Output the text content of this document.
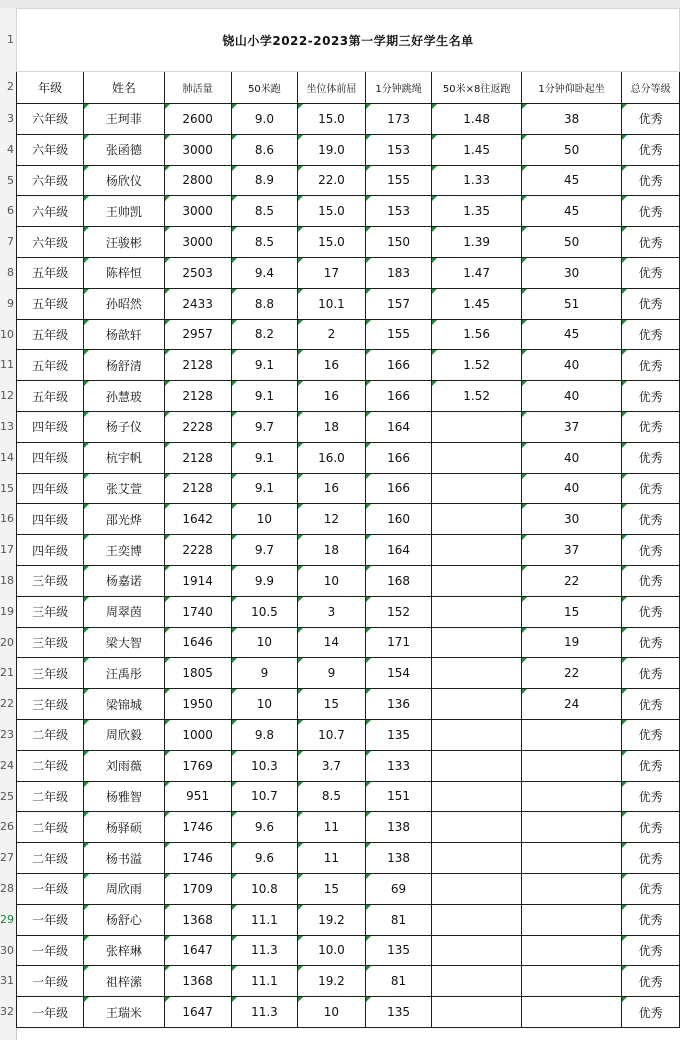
1
2
3
4
5
6
7
8
9
10
11
12
13
14
15
16
17
18
19
20
21
22
23
24
25
26
27
28
29
30
31
32
铙山小学2022-2023第一学期三好学生名单								
年级	姓名	肺活量	50米跑	坐位体前屈	1分钟跳绳	50米×8往返跑	1分钟仰卧起坐	总分等级
六年级	王珂菲	2600	9.0	15.0	173	1.48	38	优秀
六年级	张函德	3000	8.6	19.0	153	1.45	50	优秀
六年级	杨欣仪	2800	8.9	22.0	155	1.33	45	优秀
六年级	王帅凯	3000	8.5	15.0	153	1.35	45	优秀
六年级	汪骏彬	3000	8.5	15.0	150	1.39	50	优秀
五年级	陈梓恒	2503	9.4	17	183	1.47	30	优秀
五年级	孙昭然	2433	8.8	10.1	157	1.45	51	优秀
五年级	杨歆轩	2957	8.2	2	155	1.56	45	优秀
五年级	杨舒清	2128	9.1	16	166	1.52	40	优秀
五年级	孙慧玻	2128	9.1	16	166	1.52	40	优秀
四年级	杨子仪	2228	9.7	18	164		37	优秀
四年级	杭宇帆	2128	9.1	16.0	166		40	优秀
四年级	张艾萱	2128	9.1	16	166		40	优秀
四年级	邵光烨	1642	10	12	160		30	优秀
四年级	王奕博	2228	9.7	18	164		37	优秀
三年级	杨嘉诺	1914	9.9	10	168		22	优秀
三年级	周翠茵	1740	10.5	3	152		15	优秀
三年级	梁大智	1646	10	14	171		19	优秀
三年级	汪禹彤	1805	9	9	154		22	优秀
三年级	梁锦城	1950	10	15	136		24	优秀
二年级	周欣毅	1000	9.8	10.7	135			优秀
二年级	刘雨薇	1769	10.3	3.7	133			优秀
二年级	杨雅智	951	10.7	8.5	151			优秀
二年级	杨驿硕	1746	9.6	11	138			优秀
二年级	杨书溢	1746	9.6	11	138			优秀
一年级	周欣雨	1709	10.8	15	69			优秀
一年级	杨舒心	1368	11.1	19.2	81			优秀
一年级	张梓琳	1647	11.3	10.0	135			优秀
一年级	祖梓潆	1368	11.1	19.2	81			优秀
一年级	王瑞米	1647	11.3	10	135			优秀
